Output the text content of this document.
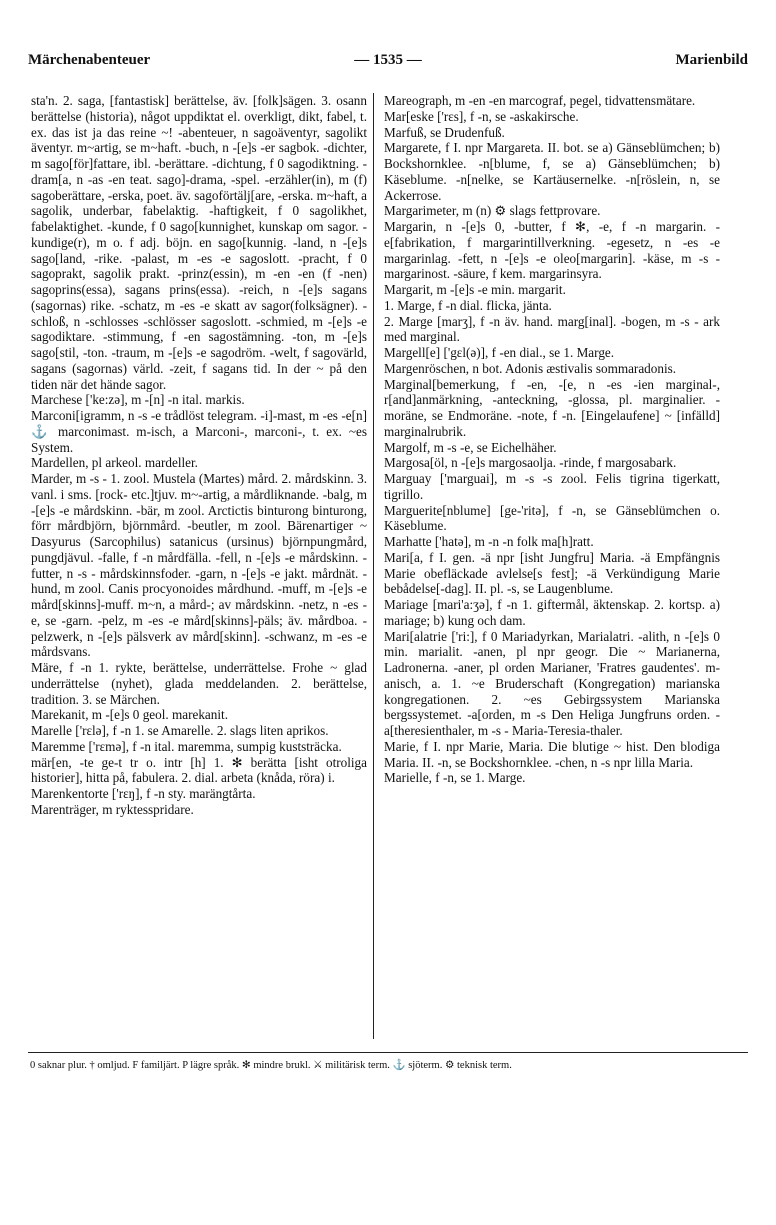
Märchenabenteuer	— 1535 —	Marienbild

sta'n. 2. saga, [fantastisk] berättelse, äv. [folk]sägen. 3. osann berättelse (historia), något uppdiktat el. overkligt, dikt, fabel, t. ex. das ist ja das reine ~! -abenteuer, n sagoäventyr, sagolikt äventyr. m~artig, se m~haft. -buch, n -[e]s -er sagbok. -dichter, m sago[för]fattare, ibl. -berättare. -dichtung, f 0 sagodiktning. -dram[a, n -as -en teat. sago]-drama, -spel. -erzähler(in), m (f) sagoberättare, -erska, poet. äv. sagoförtälj[are, -erska. m~haft, a sagolik, underbar, fabelaktig. -haftigkeit, f 0 sagolikhet, fabelaktighet. -kunde, f 0 sago[kunnighet, kunskap om sagor. -kundige(r), m o. f adj. böjn. en sago[kunnig. -land, n -[e]s sago[land, -rike. -palast, m -es -e sagoslott. -pracht, f 0 sagoprakt, sagolik prakt. -prinz(essin), m -en -en (f -nen) sagoprins(essa), sagans prins(essa). -reich, n -[e]s sagans (sagornas) rike. -schatz, m -es -e skatt av sagor(folksägner). -schloß, n -schlosses -schlösser sagoslott. -schmied, m -[e]s -e sagodiktare. -stimmung, f -en sagostämning. -ton, m -[e]s sago[stil, -ton. -traum, m -[e]s -e sagodröm. -welt, f sagovärld, sagans (sagornas) värld. -zeit, f sagans tid. In der ~ på den tiden när det hände sagor.

Marchese ['ke:zə], m -[n] -n ital. markis.

Marconi[igramm, n -s -e trådlöst telegram. -i]-mast, m -es -e[n] ⚓ marconimast. m-isch, a Marconi-, marconi-, t. ex. ~es System.

Mardellen, pl arkeol. mardeller.

Marder, m -s - 1. zool. Mustela (Martes) mård. 2. mårdskinn. 3. vanl. i sms. [rock- etc.]tjuv. m~-artig, a mårdliknande. -balg, m -[e]s -e mårdskinn. -bär, m zool. Arctictis binturong binturong, förr mårdbjörn, björnmård. -beutler, m zool. Bärenartiger ~ Dasyurus (Sarcophilus) satanicus (ursinus) björnpungmård, pungdjävul. -falle, f -n mårdfälla. -fell, n -[e]s -e mårdskinn. -futter, n -s - mårdskinnsfoder. -garn, n -[e]s -e jakt. mårdnät. -hund, m zool. Canis procyonoides mårdhund. -muff, m -[e]s -e mård[skinns]-muff. m~n, a mård-; av mårdskinn. -netz, n -es -e, se -garn. -pelz, m -es -e mård[skinns]-päls; äv. mårdboa. -pelzwerk, n -[e]s pälsverk av mård[skinn]. -schwanz, m -es -e mårdsvans.

Märe, f -n 1. rykte, berättelse, underrättelse. Frohe ~ glad underrättelse (nyhet), glada meddelanden. 2. berättelse, tradition. 3. se Märchen.

Marekanit, m -[e]s 0 geol. marekanit.

Marelle ['rɛlə], f -n 1. se Amarelle. 2. slags liten aprikos.

Maremme ['rɛmə], f -n ital. maremma, sumpig kuststräcka.

mär[en, -te ge-t tr o. intr [h] 1. ✻ berätta [isht otroliga historier], hitta på, fabulera. 2. dial. arbeta (knåda, röra) i.

Marenkentorte ['rɛŋ], f -n sty. marängtårta.

Marenträger, m ryktesspridare.

Mareograph, m -en -en marcograf, pegel, tidvattensmätare.

Mar[eske ['rɛs], f -n, se -askakirsche.

Marfuß, se Drudenfuß.

Margarete, f I. npr Margareta. II. bot. se a) Gänseblümchen; b) Bockshornklee. -n[blume, f, se a) Gänseblümchen; b) Käseblume. -n[nelke, se Kartäusernelke. -n[röslein, n, se Ackerrose.

Margarimeter, m (n) ⚙ slags fettprovare.

Margarin, n -[e]s 0, -butter, f ✻, -e, f -n margarin. -e[fabrikation, f margarintillverkning. -egesetz, n -es -e margarinlag. -fett, n -[e]s -e oleo[margarin]. -käse, m -s - margarinost. -säure, f kem. margarinsyra.

Margarit, m -[e]s -e min. margarit.

1. Marge, f -n dial. flicka, jänta.

2. Marge [marʒ], f -n äv. hand. marg[inal]. -bogen, m -s - ark med marginal.

Margell[e] ['gɛl(ə)], f -en dial., se 1. Marge.

Margenröschen, n bot. Adonis æstivalis sommaradonis.

Marginal[bemerkung, f -en, -[e, n -es -ien marginal-, r[and]anmärkning, -anteckning, -glossa, pl. marginalier. -moräne, se Endmoräne. -note, f -n. [Eingelaufene] ~ [infälld] marginalrubrik.

Margolf, m -s -e, se Eichelhäher.

Margosa[öl, n -[e]s margosaolja. -rinde, f margosabark.

Marguay ['marguai], m -s -s zool. Felis tigrina tigerkatt, tigrillo.

Marguerite[nblume] [ge-'ritə], f -n, se Gänseblümchen o. Käseblume.

Marhatte ['hatə], m -n -n folk ma[h]ratt.

Mari[a, f I. gen. -ä npr [isht Jungfru] Maria. -ä Empfängnis Marie obefläckade avlelse[s fest]; -ä Verkündigung Marie bebådelse[-dag]. II. pl. -s, se Laugenblume.

Mariage [mari'a:ʒə], f -n 1. giftermål, äktenskap. 2. kortsp. a) mariage; b) kung och dam.

Mari[alatrie ['ri:], f 0 Mariadyrkan, Marialatri. -alith, n -[e]s 0 min. marialit. -anen, pl npr geogr. Die ~ Marianerna, Ladronerna. -aner, pl orden Marianer, 'Fratres gaudentes'. m-anisch, a. 1. ~e Bruderschaft (Kongregation) marianska kongregationen. 2. ~es Gebirgssystem Marianska bergssystemet. -a[orden, m -s Den Heliga Jungfruns orden. -a[theresienthaler, m -s - Maria-Teresia-thaler.

Marie, f I. npr Marie, Maria. Die blutige ~ hist. Den blodiga Maria. II. -n, se Bockshornklee. -chen, n -s npr lilla Maria.

Marielle, f -n, se 1. Marge.

0 saknar plur. † omljud. F familjärt. P lägre språk. ✻ mindre brukl. ⚔ militärisk term. ⚓ sjöterm. ⚙ teknisk term.
